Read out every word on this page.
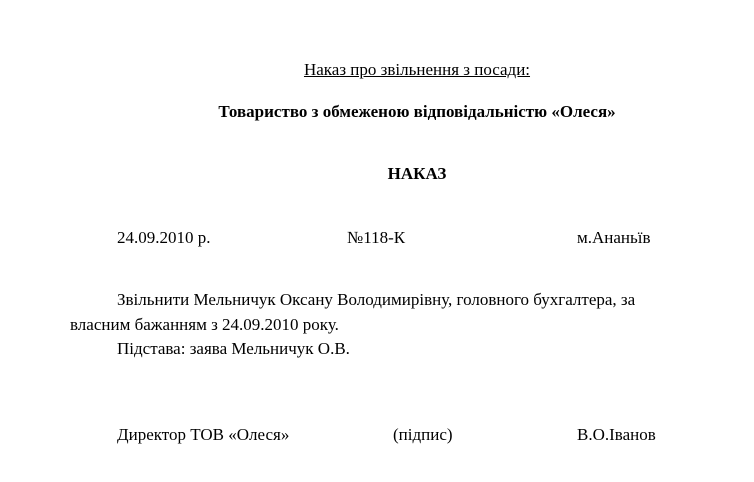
Наказ про звільнення з посади:
Товариство з обмеженою відповідальністю «Олеся»
НАКАЗ
24.09.2010 р.	№118-К	м.Ананьїв
Звільнити Мельничук Оксану Володимирівну, головного бухгалтера, за
власним бажанням з 24.09.2010 року.
Підстава: заява Мельничук О.В.
Директор ТОВ «Олеся»	(підпис)	В.О.Іванов
